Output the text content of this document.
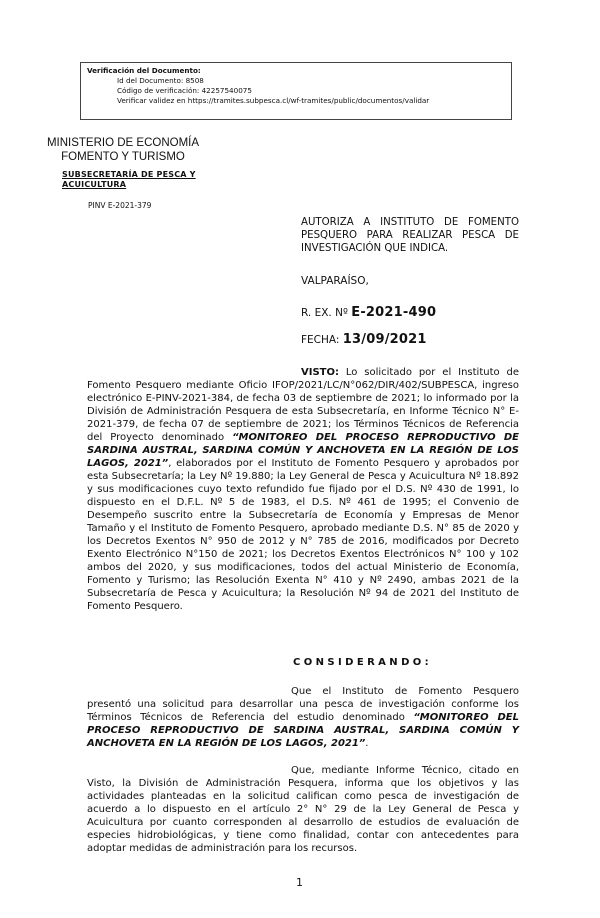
Verificación del Documento:
• Id del Documento: 8508
• Código de verificación: 42257540075
• Verificar validez en https://tramites.subpesca.cl/wf-tramites/public/documentos/validar
MINISTERIO DE ECONOMÍA
FOMENTO Y TURISMO
SUBSECRETARÍA DE PESCA Y
ACUICULTURA
PINV E-2021-379
AUTORIZA A INSTITUTO DE FOMENTO PESQUERO PARA REALIZAR PESCA DE INVESTIGACIÓN QUE INDICA.
VALPARAÍSO,
R. EX. Nº E-2021-490
FECHA: 13/09/2021
VISTO: Lo solicitado por el Instituto de Fomento Pesquero mediante Oficio IFOP/2021/LC/N°062/DIR/402/SUBPESCA, ingreso electrónico E-PINV-2021-384, de fecha 03 de septiembre de 2021; lo informado por la División de Administración Pesquera de esta Subsecretaría, en Informe Técnico N° E-2021-379, de fecha 07 de septiembre de 2021; los Términos Técnicos de Referencia del Proyecto denominado “MONITOREO DEL PROCESO REPRODUCTIVO DE SARDINA AUSTRAL, SARDINA COMÚN Y ANCHOVETA EN LA REGIÓN DE LOS LAGOS, 2021”, elaborados por el Instituto de Fomento Pesquero y aprobados por esta Subsecretaría; la Ley Nº 19.880; la Ley General de Pesca y Acuicultura Nº 18.892 y sus modificaciones cuyo texto refundido fue fijado por el D.S. Nº 430 de 1991, lo dispuesto en el D.F.L. Nº 5 de 1983, el D.S. Nº 461 de 1995; el Convenio de Desempeño suscrito entre la Subsecretaría de Economía y Empresas de Menor Tamaño y el Instituto de Fomento Pesquero, aprobado mediante D.S. N° 85 de 2020 y los Decretos Exentos N° 950 de 2012 y N° 785 de 2016, modificados por Decreto Exento Electrónico N°150 de 2021; los Decretos Exentos Electrónicos N° 100 y 102 ambos del 2020, y sus modificaciones, todos del actual Ministerio de Economía, Fomento y Turismo; las Resolución Exenta N° 410 y Nº 2490, ambas 2021 de la Subsecretaría de Pesca y Acuicultura; la Resolución Nº 94 de 2021 del Instituto de Fomento Pesquero.
CONSIDERANDO:
Que el Instituto de Fomento Pesquero presentó una solicitud para desarrollar una pesca de investigación conforme los Términos Técnicos de Referencia del estudio denominado “MONITOREO DEL PROCESO REPRODUCTIVO DE SARDINA AUSTRAL, SARDINA COMÚN Y ANCHOVETA EN LA REGIÓN DE LOS LAGOS, 2021”.
Que, mediante Informe Técnico, citado en Visto, la División de Administración Pesquera, informa que los objetivos y las actividades planteadas en la solicitud califican como pesca de investigación de acuerdo a lo dispuesto en el artículo 2° N° 29 de la Ley General de Pesca y Acuicultura por cuanto corresponden al desarrollo de estudios de evaluación de especies hidrobiológicas, y tiene como finalidad, contar con antecedentes para adoptar medidas de administración para los recursos.
1
